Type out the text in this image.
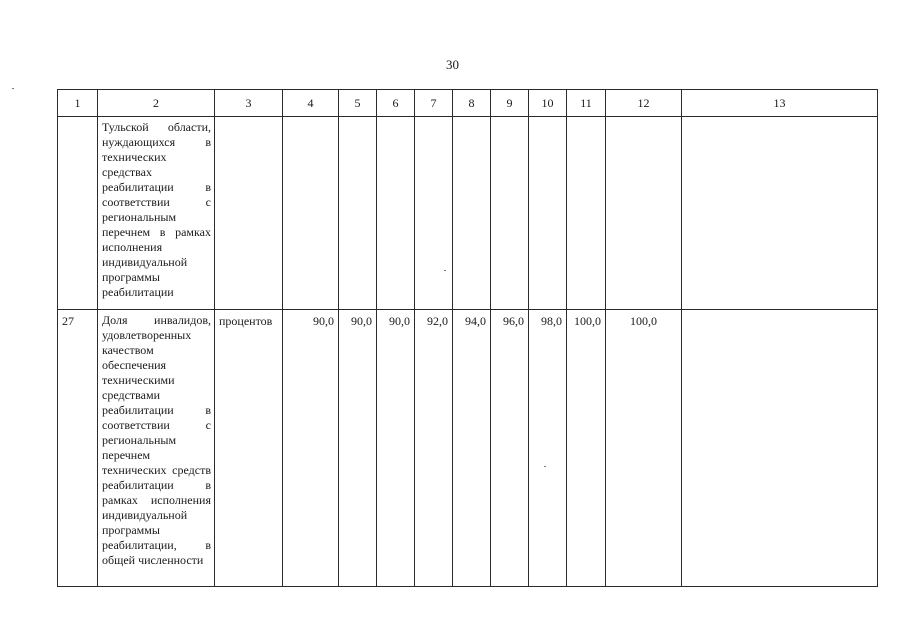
30
1	2	3	4	5	6	7	8	9	10	11	12	13

	Тульской области, нуждающихся в технических средствах реабилитации в соответствии с региональным перечнем в рамках исполнения индивидуальной программы реабилитации											

27	Доля инвалидов, удовлетворенных качеством обеспечения техническими средствами реабилитации в соответствии с региональным перечнем технических средств реабилитации в рамках исполнения индивидуальной программы реабилитации, в общей численности	процентов	90,0	90,0	90,0	92,0	94,0	96,0	98,0	100,0	100,0	
